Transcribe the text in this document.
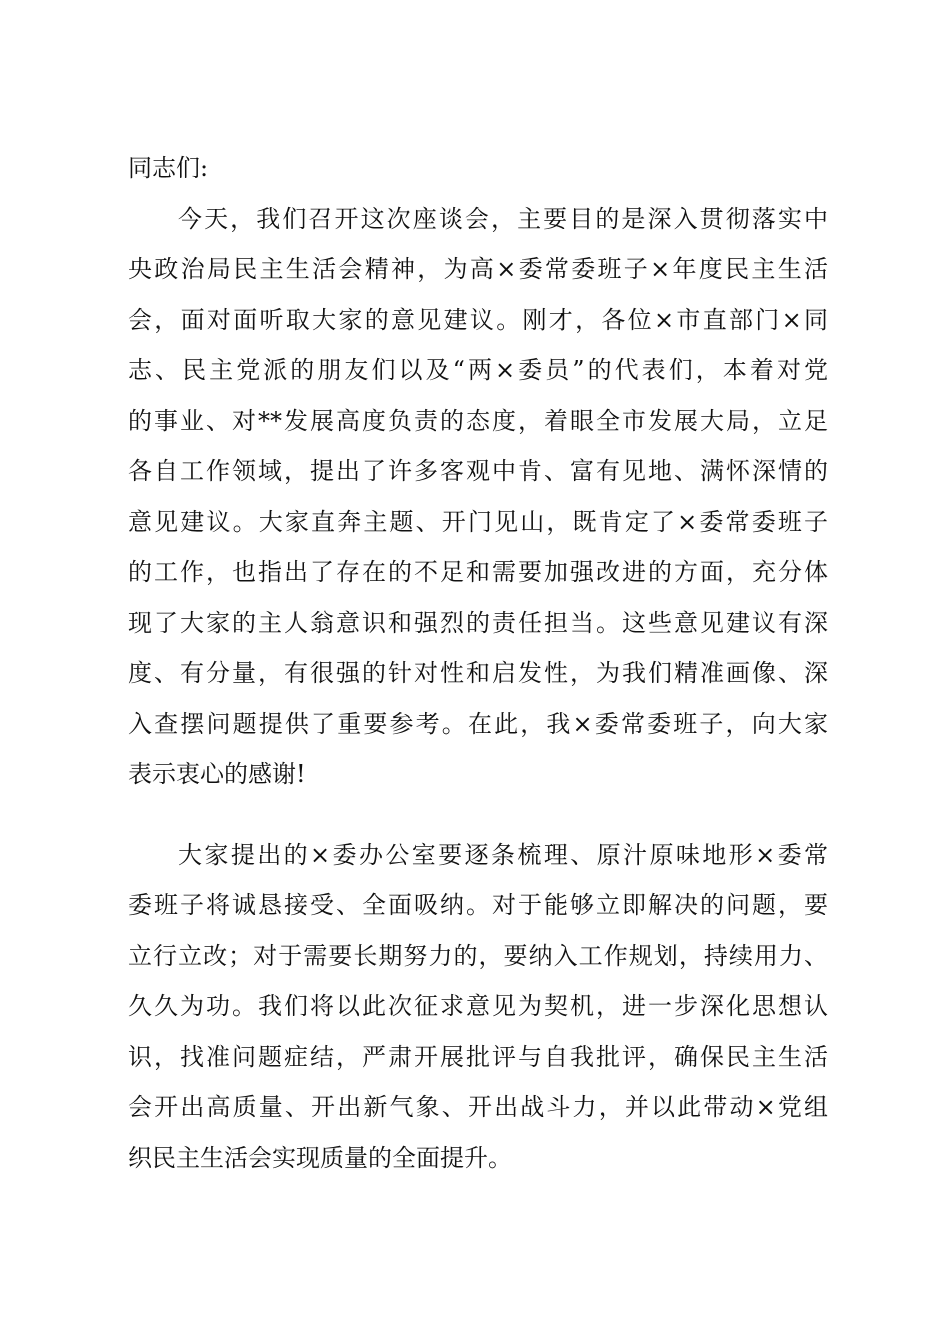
同志们:
今天，我们召开这次座谈会，主要目的是深入贯彻落实中
央政治局民主生活会精神，为高×委常委班子×年度民主生活
会，面对面听取大家的意见建议。刚才，各位×市直部门×同
志、民主党派的朋友们以及“两×委员”的代表们，本着对党
的事业、对**发展高度负责的态度，着眼全市发展大局，立足
各自工作领域，提出了许多客观中肯、富有见地、满怀深情的
意见建议。大家直奔主题、开门见山，既肯定了×委常委班子
的工作，也指出了存在的不足和需要加强改进的方面，充分体
现了大家的主人翁意识和强烈的责任担当。这些意见建议有深
度、有分量，有很强的针对性和启发性，为我们精准画像、深
入查摆问题提供了重要参考。在此，我×委常委班子，向大家
表示衷心的感谢!
大家提出的×委办公室要逐条梳理、原汁原味地形×委常
委班子将诚恳接受、全面吸纳。对于能够立即解决的问题，要
立行立改；对于需要长期努力的，要纳入工作规划，持续用力、
久久为功。我们将以此次征求意见为契机，进一步深化思想认
识，找准问题症结，严肃开展批评与自我批评，确保民主生活
会开出高质量、开出新气象、开出战斗力，并以此带动×党组
织民主生活会实现质量的全面提升。
